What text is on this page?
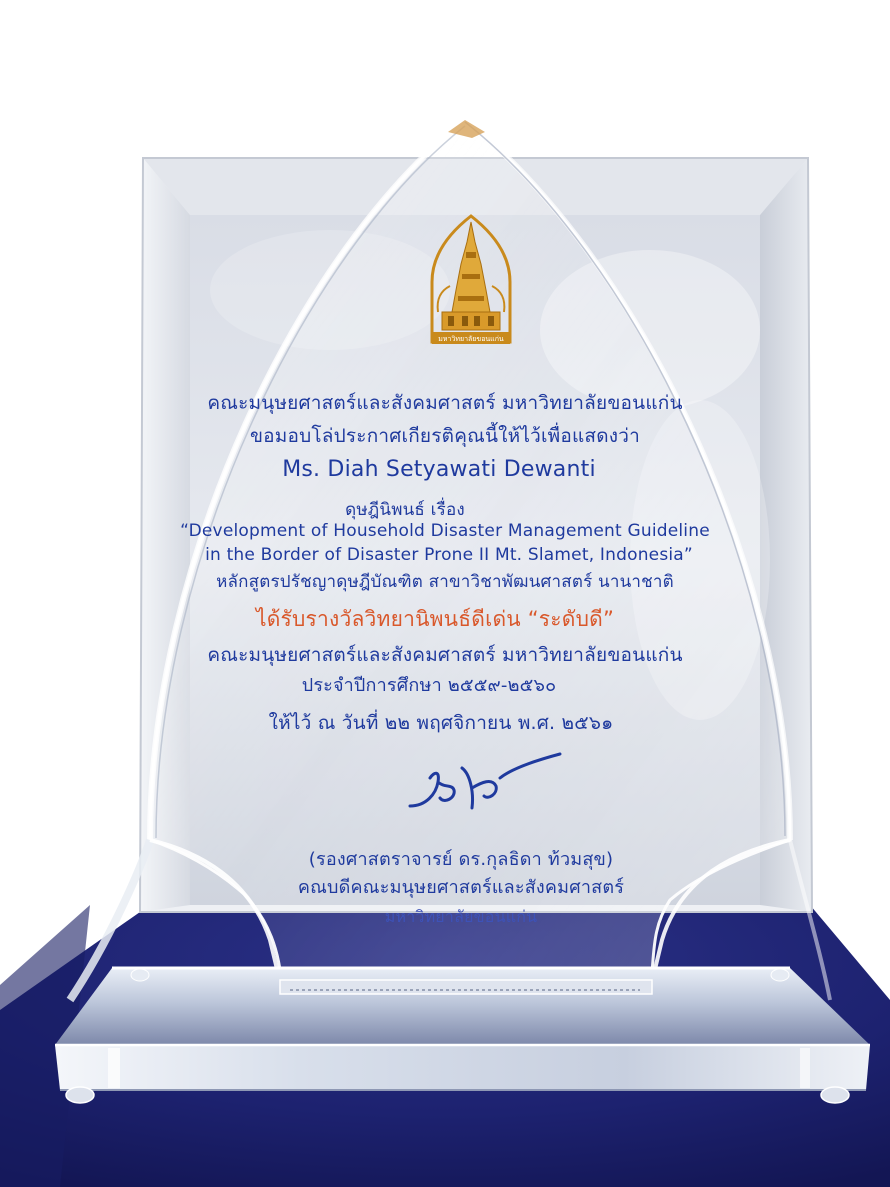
มหาวิทยาลัยขอนแก่น
คณะมนุษยศาสตร์และสังคมศาสตร์ มหาวิทยาลัยขอนแก่น
ขอมอบโล่ประกาศเกียรติคุณนี้ให้ไว้เพื่อแสดงว่า
Ms. Diah Setyawati Dewanti
ดุษฎีนิพนธ์ เรื่อง
“Development of Household Disaster Management Guideline
in the Border of Disaster Prone II Mt. Slamet, Indonesia”
หลักสูตรปรัชญาดุษฎีบัณฑิต สาขาวิชาพัฒนศาสตร์ นานาชาติ
ได้รับรางวัลวิทยานิพนธ์ดีเด่น “ระดับดี”
คณะมนุษยศาสตร์และสังคมศาสตร์ มหาวิทยาลัยขอนแก่น
ประจำปีการศึกษา ๒๕๕๙-๒๕๖๐
ให้ไว้ ณ วันที่ ๒๒ พฤศจิกายน พ.ศ. ๒๕๖๑
(รองศาสตราจารย์ ดร.กุลธิดา ท้วมสุข)
คณบดีคณะมนุษยศาสตร์และสังคมศาสตร์
มหาวิทยาลัยขอนแก่น
